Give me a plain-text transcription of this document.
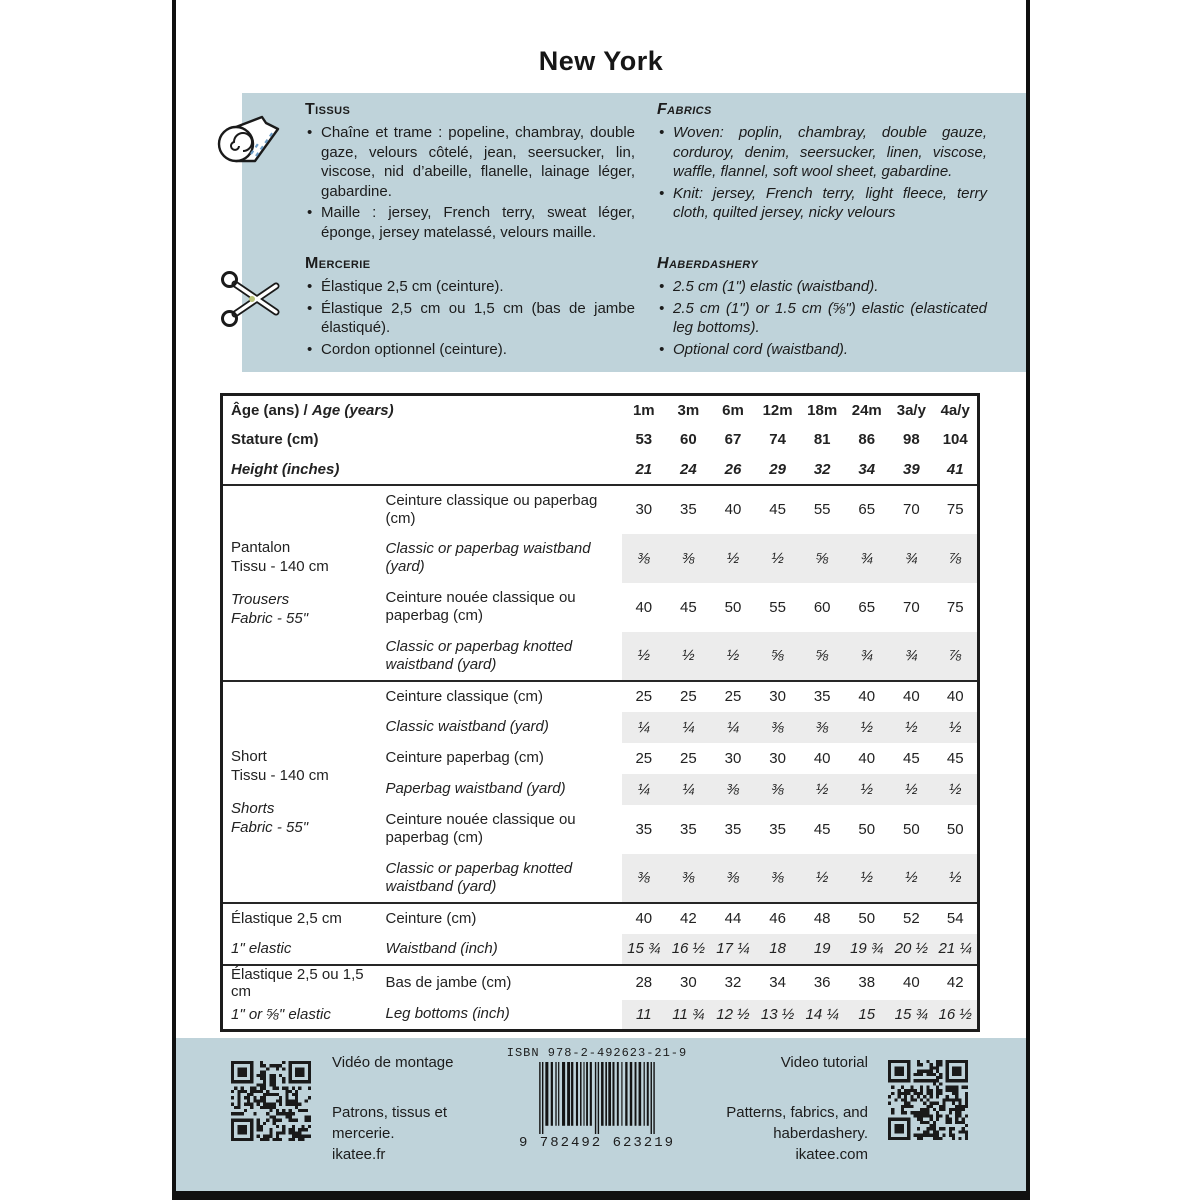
New York
Tissus
• Chaîne et trame : popeline, chambray, double gaze, velours côtelé, jean, seersucker, lin, viscose, nid d’abeille, flanelle, lainage léger, gabardine.
• Maille : jersey, French terry, sweat léger, éponge, jersey matelassé, velours maille.
Fabrics
• Woven: poplin, chambray, double gauze, corduroy, denim, seersucker, linen, viscose, waffle, flannel, soft wool sheet, gabardine.
• Knit: jersey, French terry, light fleece, terry cloth, quilted jersey, nicky velours
Mercerie
• Élastique 2,5 cm (ceinture).
• Élastique 2,5 cm ou 1,5 cm (bas de jambe élastiqué).
• Cordon optionnel (ceinture).
Haberdashery
• 2.5 cm (1") elastic (waistband).
• 2.5 cm (1") or 1.5 cm (⅝") elastic (elasticated leg bottoms).
• Optional cord (waistband).
Âge (ans) / Age (years)		1m	3m	6m	12m	18m	24m	3a/y	4a/y
Stature (cm)		53	60	67	74	81	86	98	104
Height (inches)		21	24	26	29	32	34	39	41

Pantalon
Tissu - 140 cm
Trousers
Fabric - 55"	Ceinture classique ou paperbag (cm)	30	35	40	45	55	65	70	75
	Classic or paperbag waistband (yard)	⅜	⅜	½	½	⅝	¾	¾	⅞
	Ceinture nouée classique ou paperbag (cm)	40	45	50	55	60	65	70	75
	Classic or paperbag knotted waistband (yard)	½	½	½	⅝	⅝	¾	¾	⅞

Short
Tissu - 140 cm
Shorts
Fabric - 55"	Ceinture classique (cm)	25	25	25	30	35	40	40	40
	Classic waistband (yard)	¼	¼	¼	⅜	⅜	½	½	½
	Ceinture paperbag (cm)	25	25	30	30	40	40	45	45
	Paperbag waistband (yard)	¼	¼	⅜	⅜	½	½	½	½
	Ceinture nouée classique ou paperbag (cm)	35	35	35	35	45	50	50	50
	Classic or paperbag knotted waistband (yard)	⅜	⅜	⅜	⅜	½	½	½	½
Élastique 2,5 cm	Ceinture (cm)	40	42	44	46	48	50	52	54
1" elastic	Waistband (inch)	15 ¾	16 ½	17 ¼	18	19	19 ¾	20 ½	21 ¼
Élastique 2,5 ou 1,5 cm	Bas de jambe (cm)	28	30	32	34	36	38	40	42
1" or ⅝" elastic	Leg bottoms (inch)	11	11 ¾	12 ½	13 ½	14 ¼	15	15 ¾	16 ½
Vidéo de montage
Patrons, tissus et mercerie.
ikatee.fr
ISBN 978-2-492623-21-9
9 782492 623219
Video tutorial
Patterns, fabrics, and haberdashery.
ikatee.com
